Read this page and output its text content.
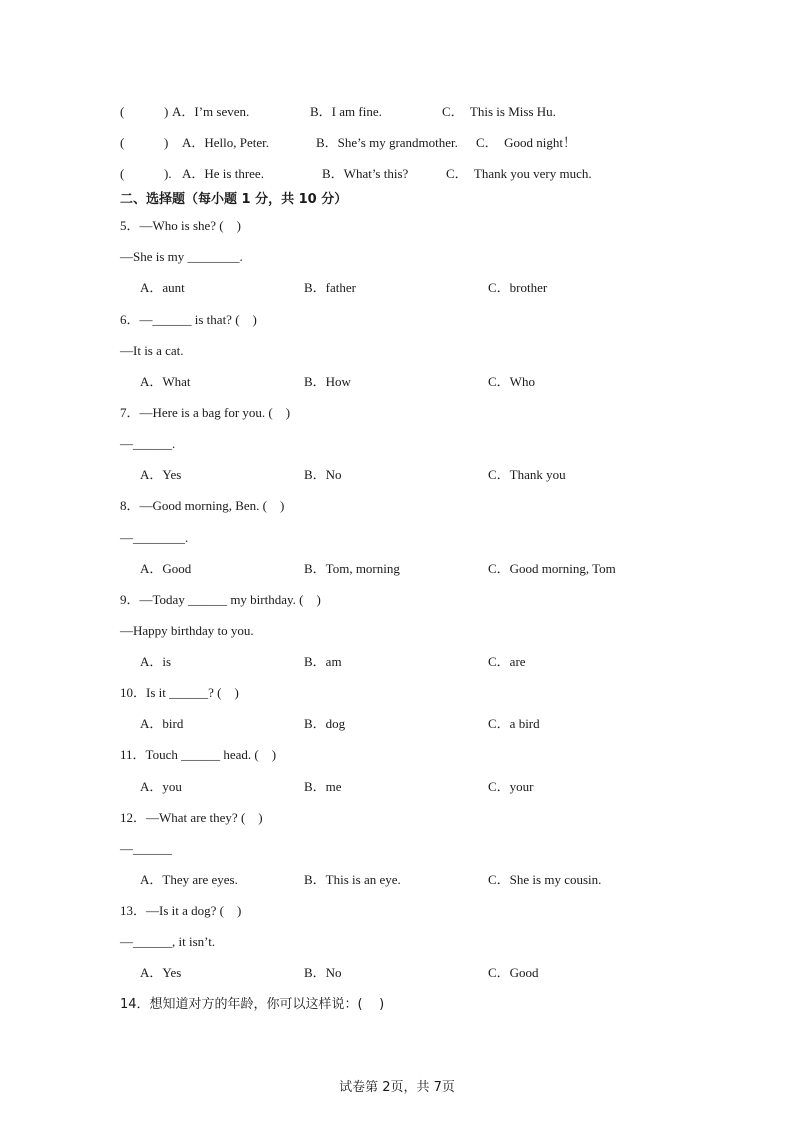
(	) A．I’m seven.	B．I am fine.	C．  This is Miss Hu.
(	) A．Hello, Peter.	B．She’s my grandmother. C．  Good night！
(	). A．He is three.	B．What’s this?	C．  Thank you very much.
二、选择题（每小题 1 分，共 10 分）
5．—Who is she? (    )
—She is my ________.
A．aunt	B．father	C．brother
6．—______ is that? (    )
—It is a cat.
A．What	B．How	C．Who
7．—Here is a bag for you. (    )
—______.
A．Yes	B．No	C．Thank you
8．—Good morning, Ben. (    )
—________.
A．Good	B．Tom, morning	C．Good morning, Tom
9．—Today ______ my birthday. (    )
—Happy birthday to you.
A．is	B．am	C．are
10．Is it ______? (    )
A．bird	B．dog	C．a bird
11．Touch ______ head. (    )
A．you	B．me	C．your
12．—What are they? (    )
—______
A．They are eyes.	B．This is an eye.	C．She is my cousin.
13．—Is it a dog? (    )
—______, it isn’t.
A．Yes	B．No	C．Good
14．想知道对方的年龄，你可以这样说：(    )
试卷第 2页，共 7页
